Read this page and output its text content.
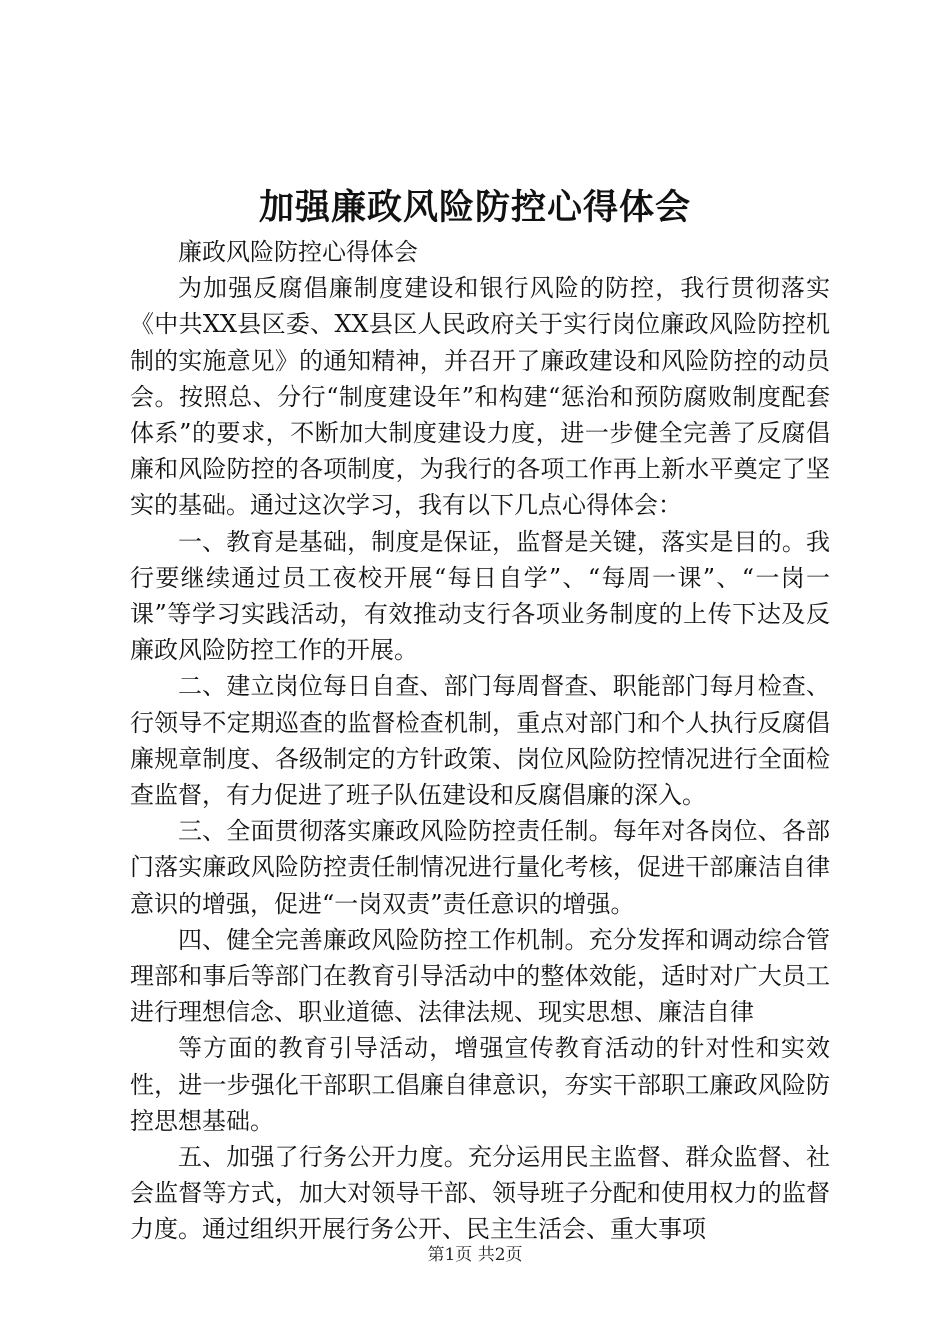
加强廉政风险防控心得体会

廉政风险防控心得体会

为加强反腐倡廉制度建设和银行风险的防控，我行贯彻落实《中共XX县区委、XX县区人民政府关于实行岗位廉政风险防控机制的实施意见》的通知精神，并召开了廉政建设和风险防控的动员会。按照总、分行“制度建设年”和构建“惩治和预防腐败制度配套体系”的要求，不断加大制度建设力度，进一步健全完善了反腐倡廉和风险防控的各项制度，为我行的各项工作再上新水平奠定了坚实的基础。通过这次学习，我有以下几点心得体会：

一、教育是基础，制度是保证，监督是关键，落实是目的。我行要继续通过员工夜校开展“每日自学”、“每周一课”、“一岗一课”等学习实践活动，有效推动支行各项业务制度的上传下达及反廉政风险防控工作的开展。

二、建立岗位每日自查、部门每周督查、职能部门每月检查、行领导不定期巡查的监督检查机制，重点对部门和个人执行反腐倡廉规章制度、各级制定的方针政策、岗位风险防控情况进行全面检查监督，有力促进了班子队伍建设和反腐倡廉的深入。

三、全面贯彻落实廉政风险防控责任制。每年对各岗位、各部门落实廉政风险防控责任制情况进行量化考核，促进干部廉洁自律意识的增强，促进“一岗双责”责任意识的增强。

四、健全完善廉政风险防控工作机制。充分发挥和调动综合管理部和事后等部门在教育引导活动中的整体效能，适时对广大员工进行理想信念、职业道德、法律法规、现实思想、廉洁自律

等方面的教育引导活动，增强宣传教育活动的针对性和实效性，进一步强化干部职工倡廉自律意识，夯实干部职工廉政风险防控思想基础。

五、加强了行务公开力度。充分运用民主监督、群众监督、社会监督等方式，加大对领导干部、领导班子分配和使用权力的监督力度。通过组织开展行务公开、民主生活会、重大事项

第1页 共2页
